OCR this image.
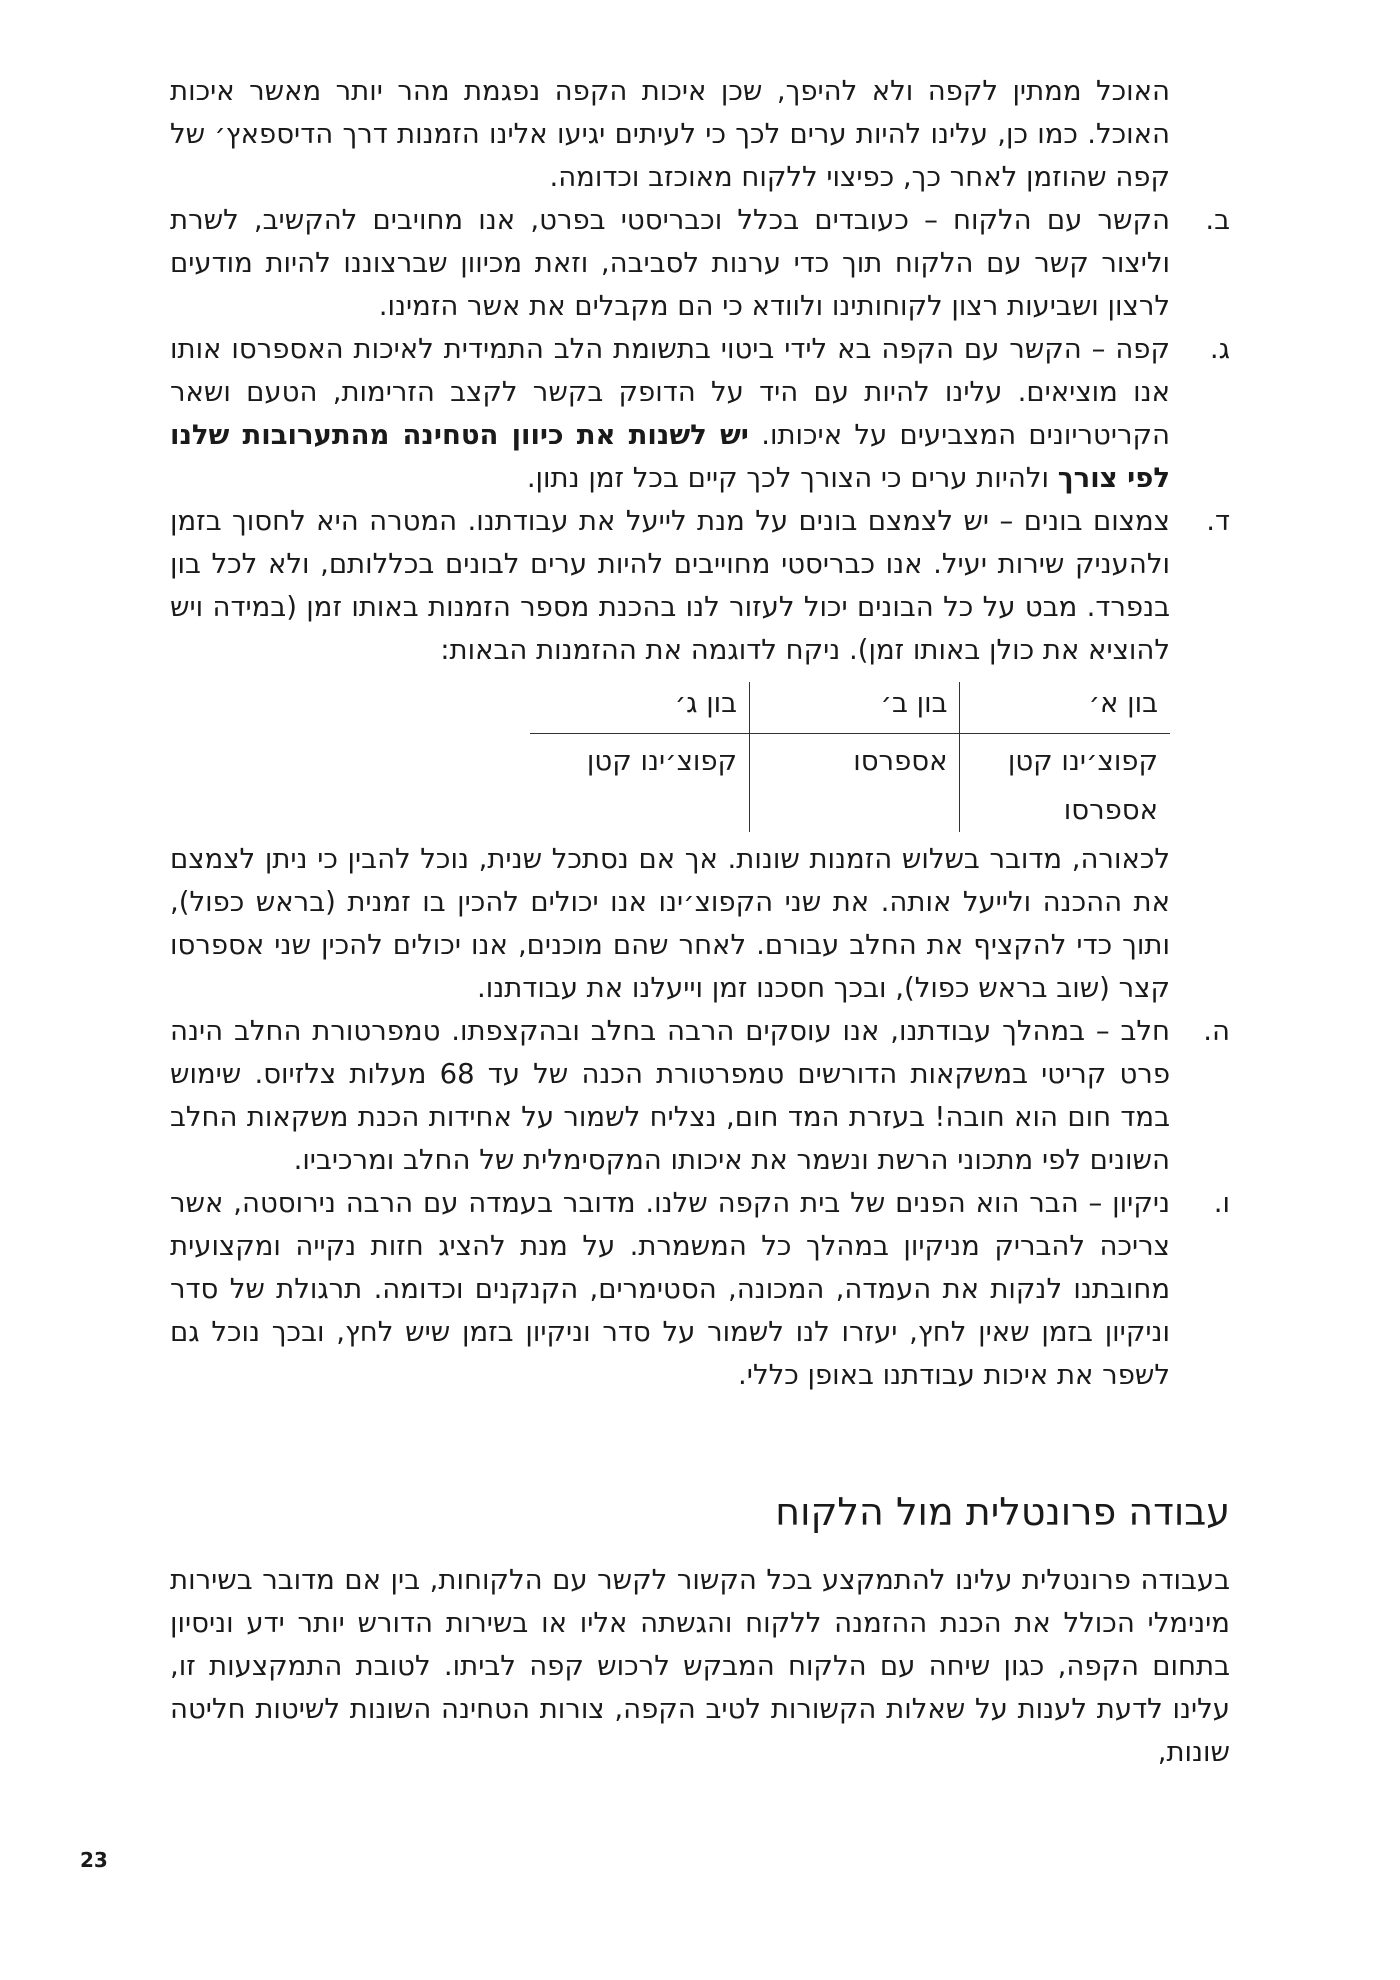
האוכל ממתין לקפה ולא להיפך, שכן איכות הקפה נפגמת מהר יותר מאשר איכות האוכל. כמו כן, עלינו להיות ערים לכך כי לעיתים יגיעו אלינו הזמנות דרך הדיספאץ׳ של קפה שהוזמן לאחר כך, כפיצוי ללקוח מאוכזב וכדומה.

ב.
הקשר עם הלקוח – כעובדים בכלל וכבריסטי בפרט, אנו מחויבים להקשיב, לשרת וליצור קשר עם הלקוח תוך כדי ערנות לסביבה, וזאת מכיוון שברצוננו להיות מודעים לרצון ושביעות רצון לקוחותינו ולוודא כי הם מקבלים את אשר הזמינו.
ג.
קפה – הקשר עם הקפה בא לידי ביטוי בתשומת הלב התמידית לאיכות האספרסו אותו אנו מוציאים. עלינו להיות עם היד על הדופק בקשר לקצב הזרימות, הטעם ושאר הקריטריונים המצביעים על איכותו. יש לשנות את כיוון הטחינה מהתערובות שלנו לפי צורך ולהיות ערים כי הצורך לכך קיים בכל זמן נתון.
ד.
צמצום בונים – יש לצמצם בונים על מנת לייעל את עבודתנו. המטרה היא לחסוך בזמן ולהעניק שירות יעיל. אנו כבריסטי מחוייבים להיות ערים לבונים בכללותם, ולא לכל בון בנפרד. מבט על כל הבונים יכול לעזור לנו בהכנת מספר הזמנות באותו זמן (במידה ויש להוציא את כולן באותו זמן). ניקח לדוגמה את ההזמנות הבאות:
בון א׳	בון ב׳	בון ג׳
קפוצ׳ינו קטן	אספרסו	קפוצ׳ינו קטן
אספרסו		

לכאורה, מדובר בשלוש הזמנות שונות. אך אם נסתכל שנית, נוכל להבין כי ניתן לצמצם את ההכנה ולייעל אותה. את שני הקפוצ׳ינו אנו יכולים להכין בו זמנית (בראש כפול), ותוך כדי להקציף את החלב עבורם. לאחר שהם מוכנים, אנו יכולים להכין שני אספרסו קצר (שוב בראש כפול), ובכך חסכנו זמן וייעלנו את עבודתנו.

ה.
חלב – במהלך עבודתנו, אנו עוסקים הרבה בחלב ובהקצפתו. טמפרטורת החלב הינה פרט קריטי במשקאות הדורשים טמפרטורת הכנה של עד 68 מעלות צלזיוס. שימוש במד חום הוא חובה! בעזרת המד חום, נצליח לשמור על אחידות הכנת משקאות החלב השונים לפי מתכוני הרשת ונשמר את איכותו המקסימלית של החלב ומרכיביו.
ו.
ניקיון – הבר הוא הפנים של בית הקפה שלנו. מדובר בעמדה עם הרבה נירוסטה, אשר צריכה להבריק מניקיון במהלך כל המשמרת. על מנת להציג חזות נקייה ומקצועית מחובתנו לנקות את העמדה, המכונה, הסטימרים, הקנקנים וכדומה. תרגולת של סדר וניקיון בזמן שאין לחץ, יעזרו לנו לשמור על סדר וניקיון בזמן שיש לחץ, ובכך נוכל גם לשפר את איכות עבודתנו באופן כללי.
עבודה פרונטלית מול הלקוח

בעבודה פרונטלית עלינו להתמקצע בכל הקשור לקשר עם הלקוחות, בין אם מדובר בשירות מינימלי הכולל את הכנת ההזמנה ללקוח והגשתה אליו או בשירות הדורש יותר ידע וניסיון בתחום הקפה, כגון שיחה עם הלקוח המבקש לרכוש קפה לביתו. לטובת התמקצעות זו, עלינו לדעת לענות על שאלות הקשורות לטיב הקפה, צורות הטחינה השונות לשיטות חליטה שונות,

23
